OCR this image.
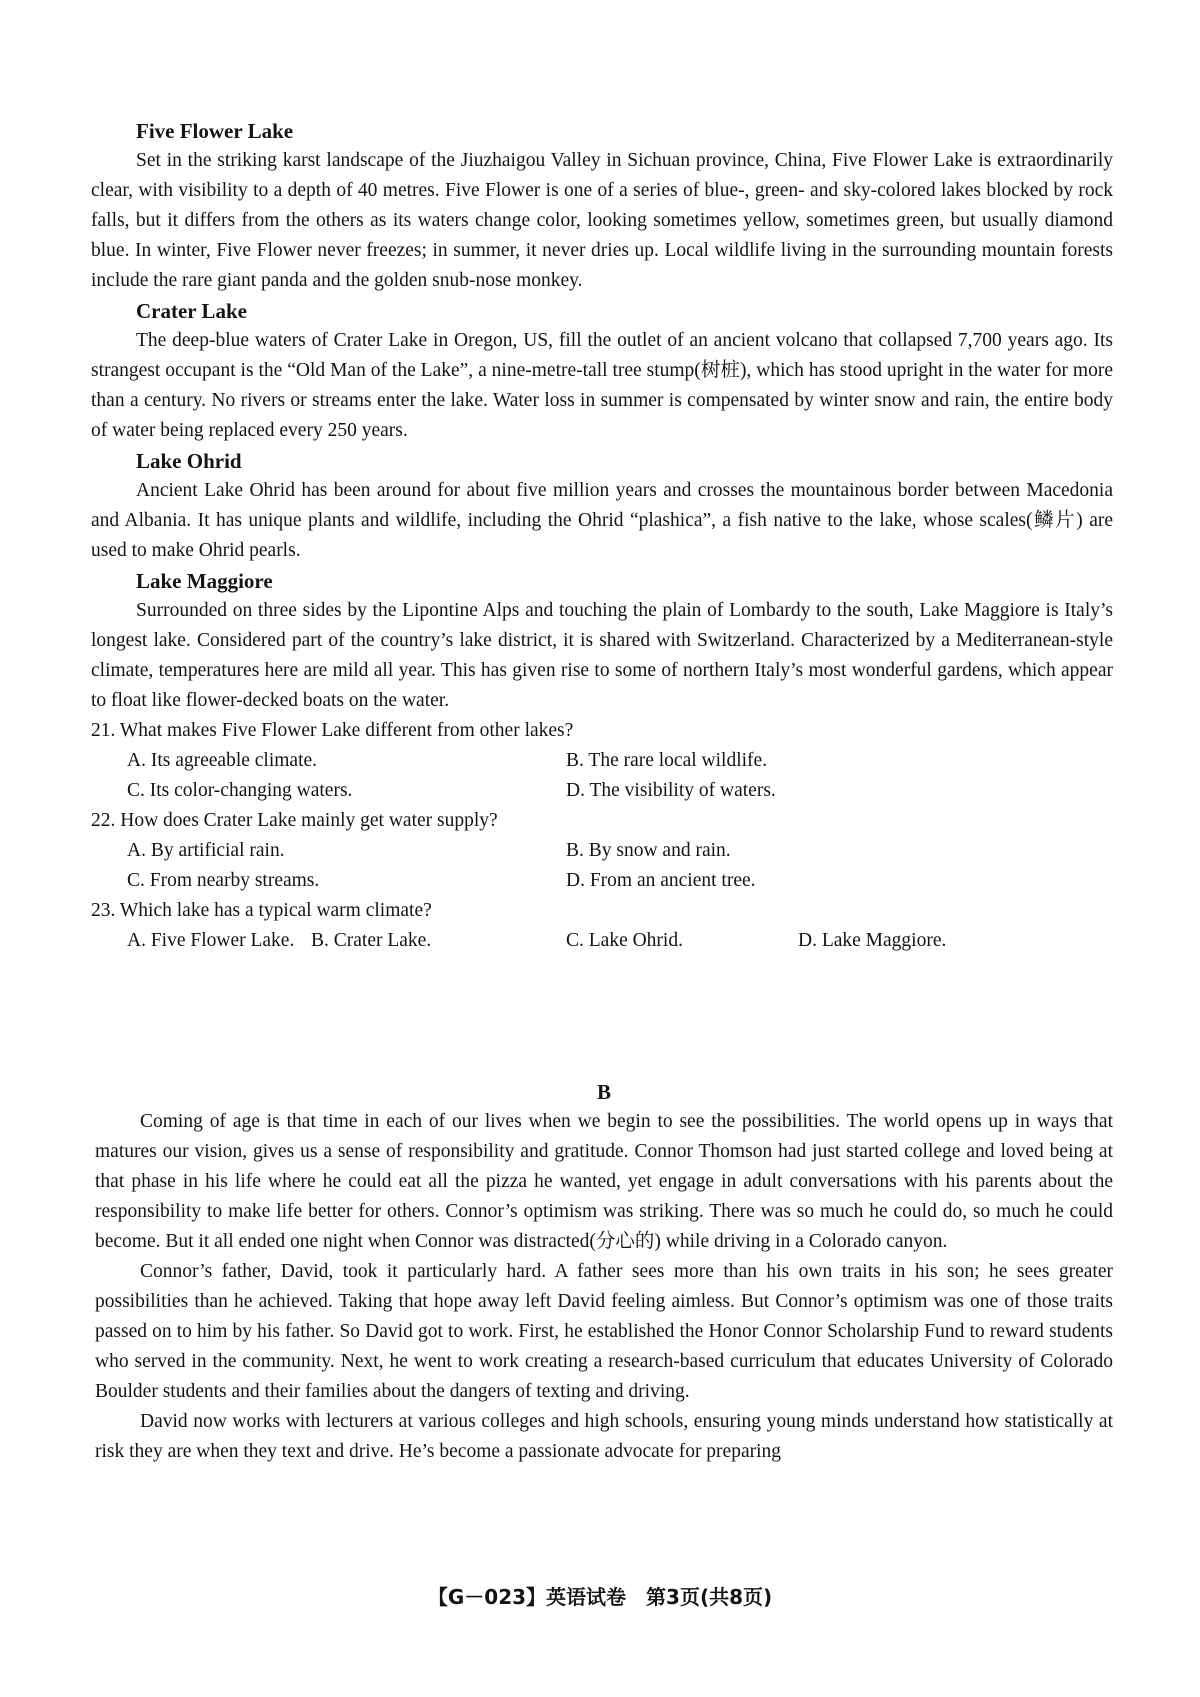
Five Flower Lake

Set in the striking karst landscape of the Jiuzhaigou Valley in Sichuan province, China, Five Flower Lake is extraordinarily clear, with visibility to a depth of 40 metres. Five Flower is one of a series of blue-, green- and sky-colored lakes blocked by rock falls, but it differs from the others as its waters change color, looking sometimes yellow, sometimes green, but usually diamond blue. In winter, Five Flower never freezes; in summer, it never dries up. Local wildlife living in the surrounding mountain forests include the rare giant panda and the golden snub-nose monkey.

Crater Lake

The deep-blue waters of Crater Lake in Oregon, US, fill the outlet of an ancient volcano that collapsed 7,700 years ago. Its strangest occupant is the “Old Man of the Lake”, a nine-metre-tall tree stump(树桩), which has stood upright in the water for more than a century. No rivers or streams enter the lake. Water loss in summer is compensated by winter snow and rain, the entire body of water being replaced every 250 years.

Lake Ohrid

Ancient Lake Ohrid has been around for about five million years and crosses the mountainous border between Macedonia and Albania. It has unique plants and wildlife, including the Ohrid “plashica”, a fish native to the lake, whose scales(鳞片) are used to make Ohrid pearls.

Lake Maggiore

Surrounded on three sides by the Lipontine Alps and touching the plain of Lombardy to the south, Lake Maggiore is Italy’s longest lake. Considered part of the country’s lake district, it is shared with Switzerland. Characterized by a Mediterranean-style climate, temperatures here are mild all year. This has given rise to some of northern Italy’s most wonderful gardens, which appear to float like flower-decked boats on the water.

21. What makes Five Flower Lake different from other lakes?
A. Its agreeable climate.	B. The rare local wildlife.
C. Its color-changing waters.	D. The visibility of waters.
22. How does Crater Lake mainly get water supply?
A. By artificial rain.	B. By snow and rain.
C. From nearby streams.	D. From an ancient tree.
23. Which lake has a typical warm climate?
A. Five Flower Lake. B. Crater Lake.	C. Lake Ohrid.	D. Lake Maggiore.
B

Coming of age is that time in each of our lives when we begin to see the possibilities. The world opens up in ways that matures our vision, gives us a sense of responsibility and gratitude. Connor Thomson had just started college and loved being at that phase in his life where he could eat all the pizza he wanted, yet engage in adult conversations with his parents about the responsibility to make life better for others. Connor’s optimism was striking. There was so much he could do, so much he could become. But it all ended one night when Connor was distracted(分心的) while driving in a Colorado canyon.

Connor’s father, David, took it particularly hard. A father sees more than his own traits in his son; he sees greater possibilities than he achieved. Taking that hope away left David feeling aimless. But Connor’s optimism was one of those traits passed on to him by his father. So David got to work. First, he established the Honor Connor Scholarship Fund to reward students who served in the community. Next, he went to work creating a research-based curriculum that educates University of Colorado Boulder students and their families about the dangers of texting and driving.

David now works with lecturers at various colleges and high schools, ensuring young minds understand how statistically at risk they are when they text and drive. He’s become a passionate advocate for preparing

【G－023】英语试卷　第3页(共8页)
